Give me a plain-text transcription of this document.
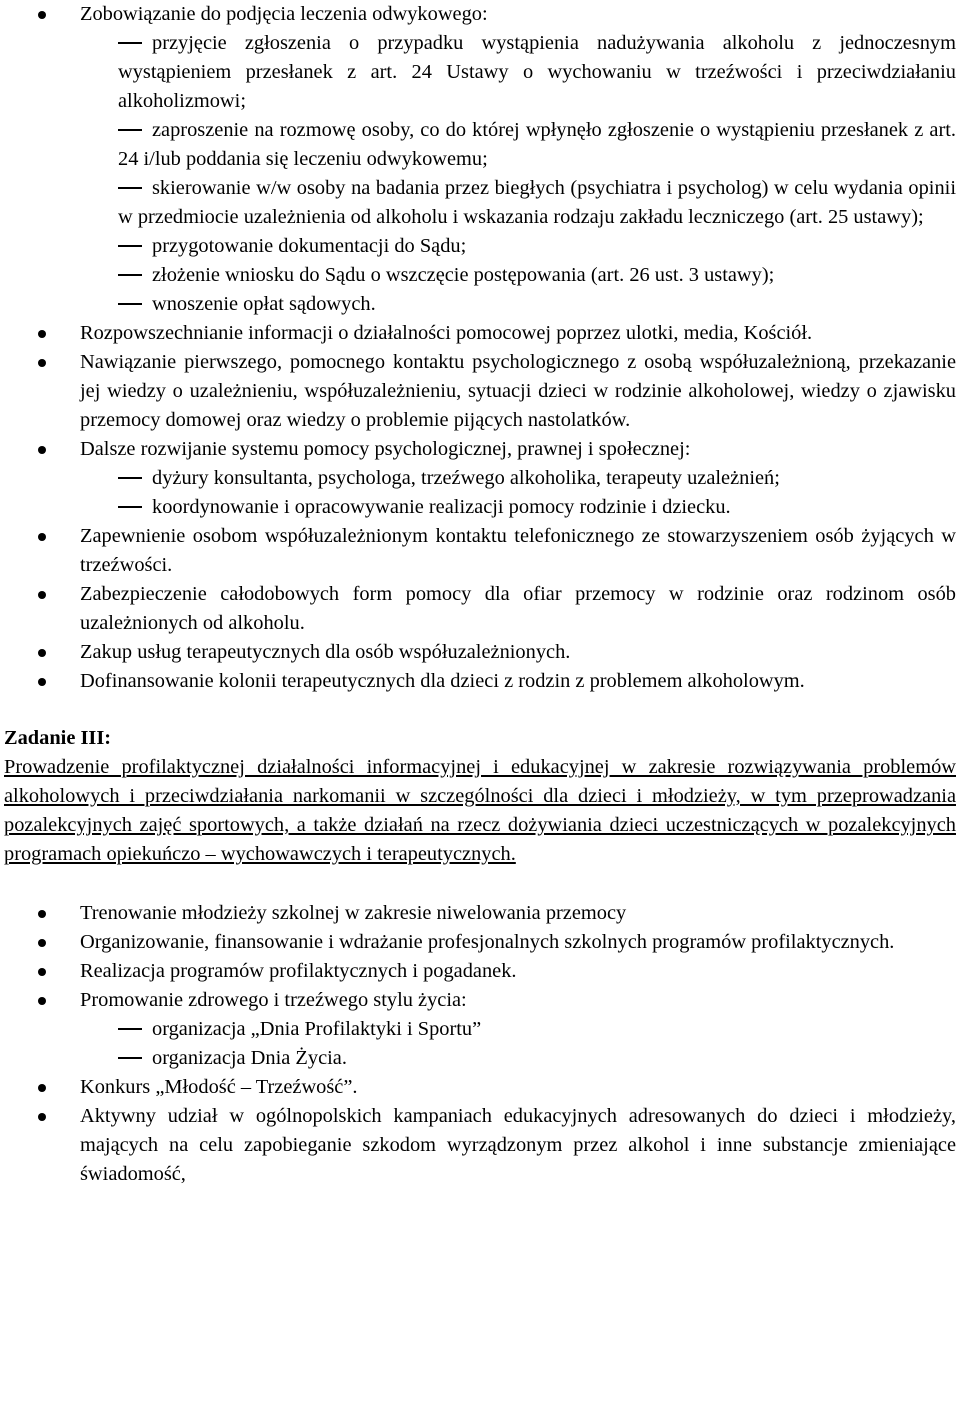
Zobowiązanie do podjęcia leczenia odwykowego:
przyjęcie zgłoszenia o przypadku wystąpienia nadużywania alkoholu z jednoczesnym wystąpieniem przesłanek z art. 24 Ustawy o wychowaniu w trzeźwości i przeciwdziałaniu alkoholizmowi;
zaproszenie na rozmowę osoby, co do której wpłynęło zgłoszenie o wystąpieniu przesłanek z art. 24 i/lub poddania się leczeniu odwykowemu;
skierowanie w/w osoby na badania przez biegłych (psychiatra i psycholog) w celu wydania opinii w przedmiocie uzależnienia od alkoholu i wskazania rodzaju zakładu leczniczego (art. 25 ustawy);
przygotowanie dokumentacji do Sądu;
złożenie wniosku do Sądu o wszczęcie postępowania (art. 26 ust. 3 ustawy);
wnoszenie opłat sądowych.
Rozpowszechnianie informacji o działalności pomocowej poprzez ulotki, media, Kościół.
Nawiązanie pierwszego, pomocnego kontaktu psychologicznego z osobą współuzależnioną, przekazanie jej wiedzy o uzależnieniu, współuzależnieniu, sytuacji dzieci w rodzinie alkoholowej, wiedzy o zjawisku przemocy domowej oraz wiedzy o problemie pijących nastolatków.
Dalsze rozwijanie systemu pomocy psychologicznej, prawnej i społecznej:
dyżury konsultanta, psychologa, trzeźwego alkoholika, terapeuty uzależnień;
koordynowanie i opracowywanie realizacji pomocy rodzinie i dziecku.
Zapewnienie osobom współuzależnionym kontaktu telefonicznego ze stowarzyszeniem osób żyjących w trzeźwości.
Zabezpieczenie całodobowych form pomocy dla ofiar przemocy w rodzinie oraz rodzinom osób uzależnionych od alkoholu.
Zakup usług terapeutycznych dla osób współuzależnionych.
Dofinansowanie kolonii terapeutycznych dla dzieci z rodzin z problemem alkoholowym.
Zadanie III:
Prowadzenie profilaktycznej działalności informacyjnej i edukacyjnej w zakresie rozwiązywania problemów alkoholowych i przeciwdziałania narkomanii w szczególności dla dzieci i młodzieży, w tym przeprowadzania pozalekcyjnych zajęć sportowych, a także działań na rzecz dożywiania dzieci uczestniczących w pozalekcyjnych programach opiekuńczo – wychowawczych i terapeutycznych.
Trenowanie młodzieży szkolnej w zakresie niwelowania przemocy
Organizowanie, finansowanie i wdrażanie profesjonalnych szkolnych programów profilaktycznych.
Realizacja programów profilaktycznych i pogadanek.
Promowanie zdrowego i trzeźwego stylu życia:
organizacja „Dnia Profilaktyki i Sportu”
organizacja Dnia Życia.
Konkurs „Młodość – Trzeźwość”.
Aktywny udział w ogólnopolskich kampaniach edukacyjnych adresowanych do dzieci i młodzieży, mających na celu zapobieganie szkodom wyrządzonym przez alkohol i inne substancje zmieniające świadomość,
